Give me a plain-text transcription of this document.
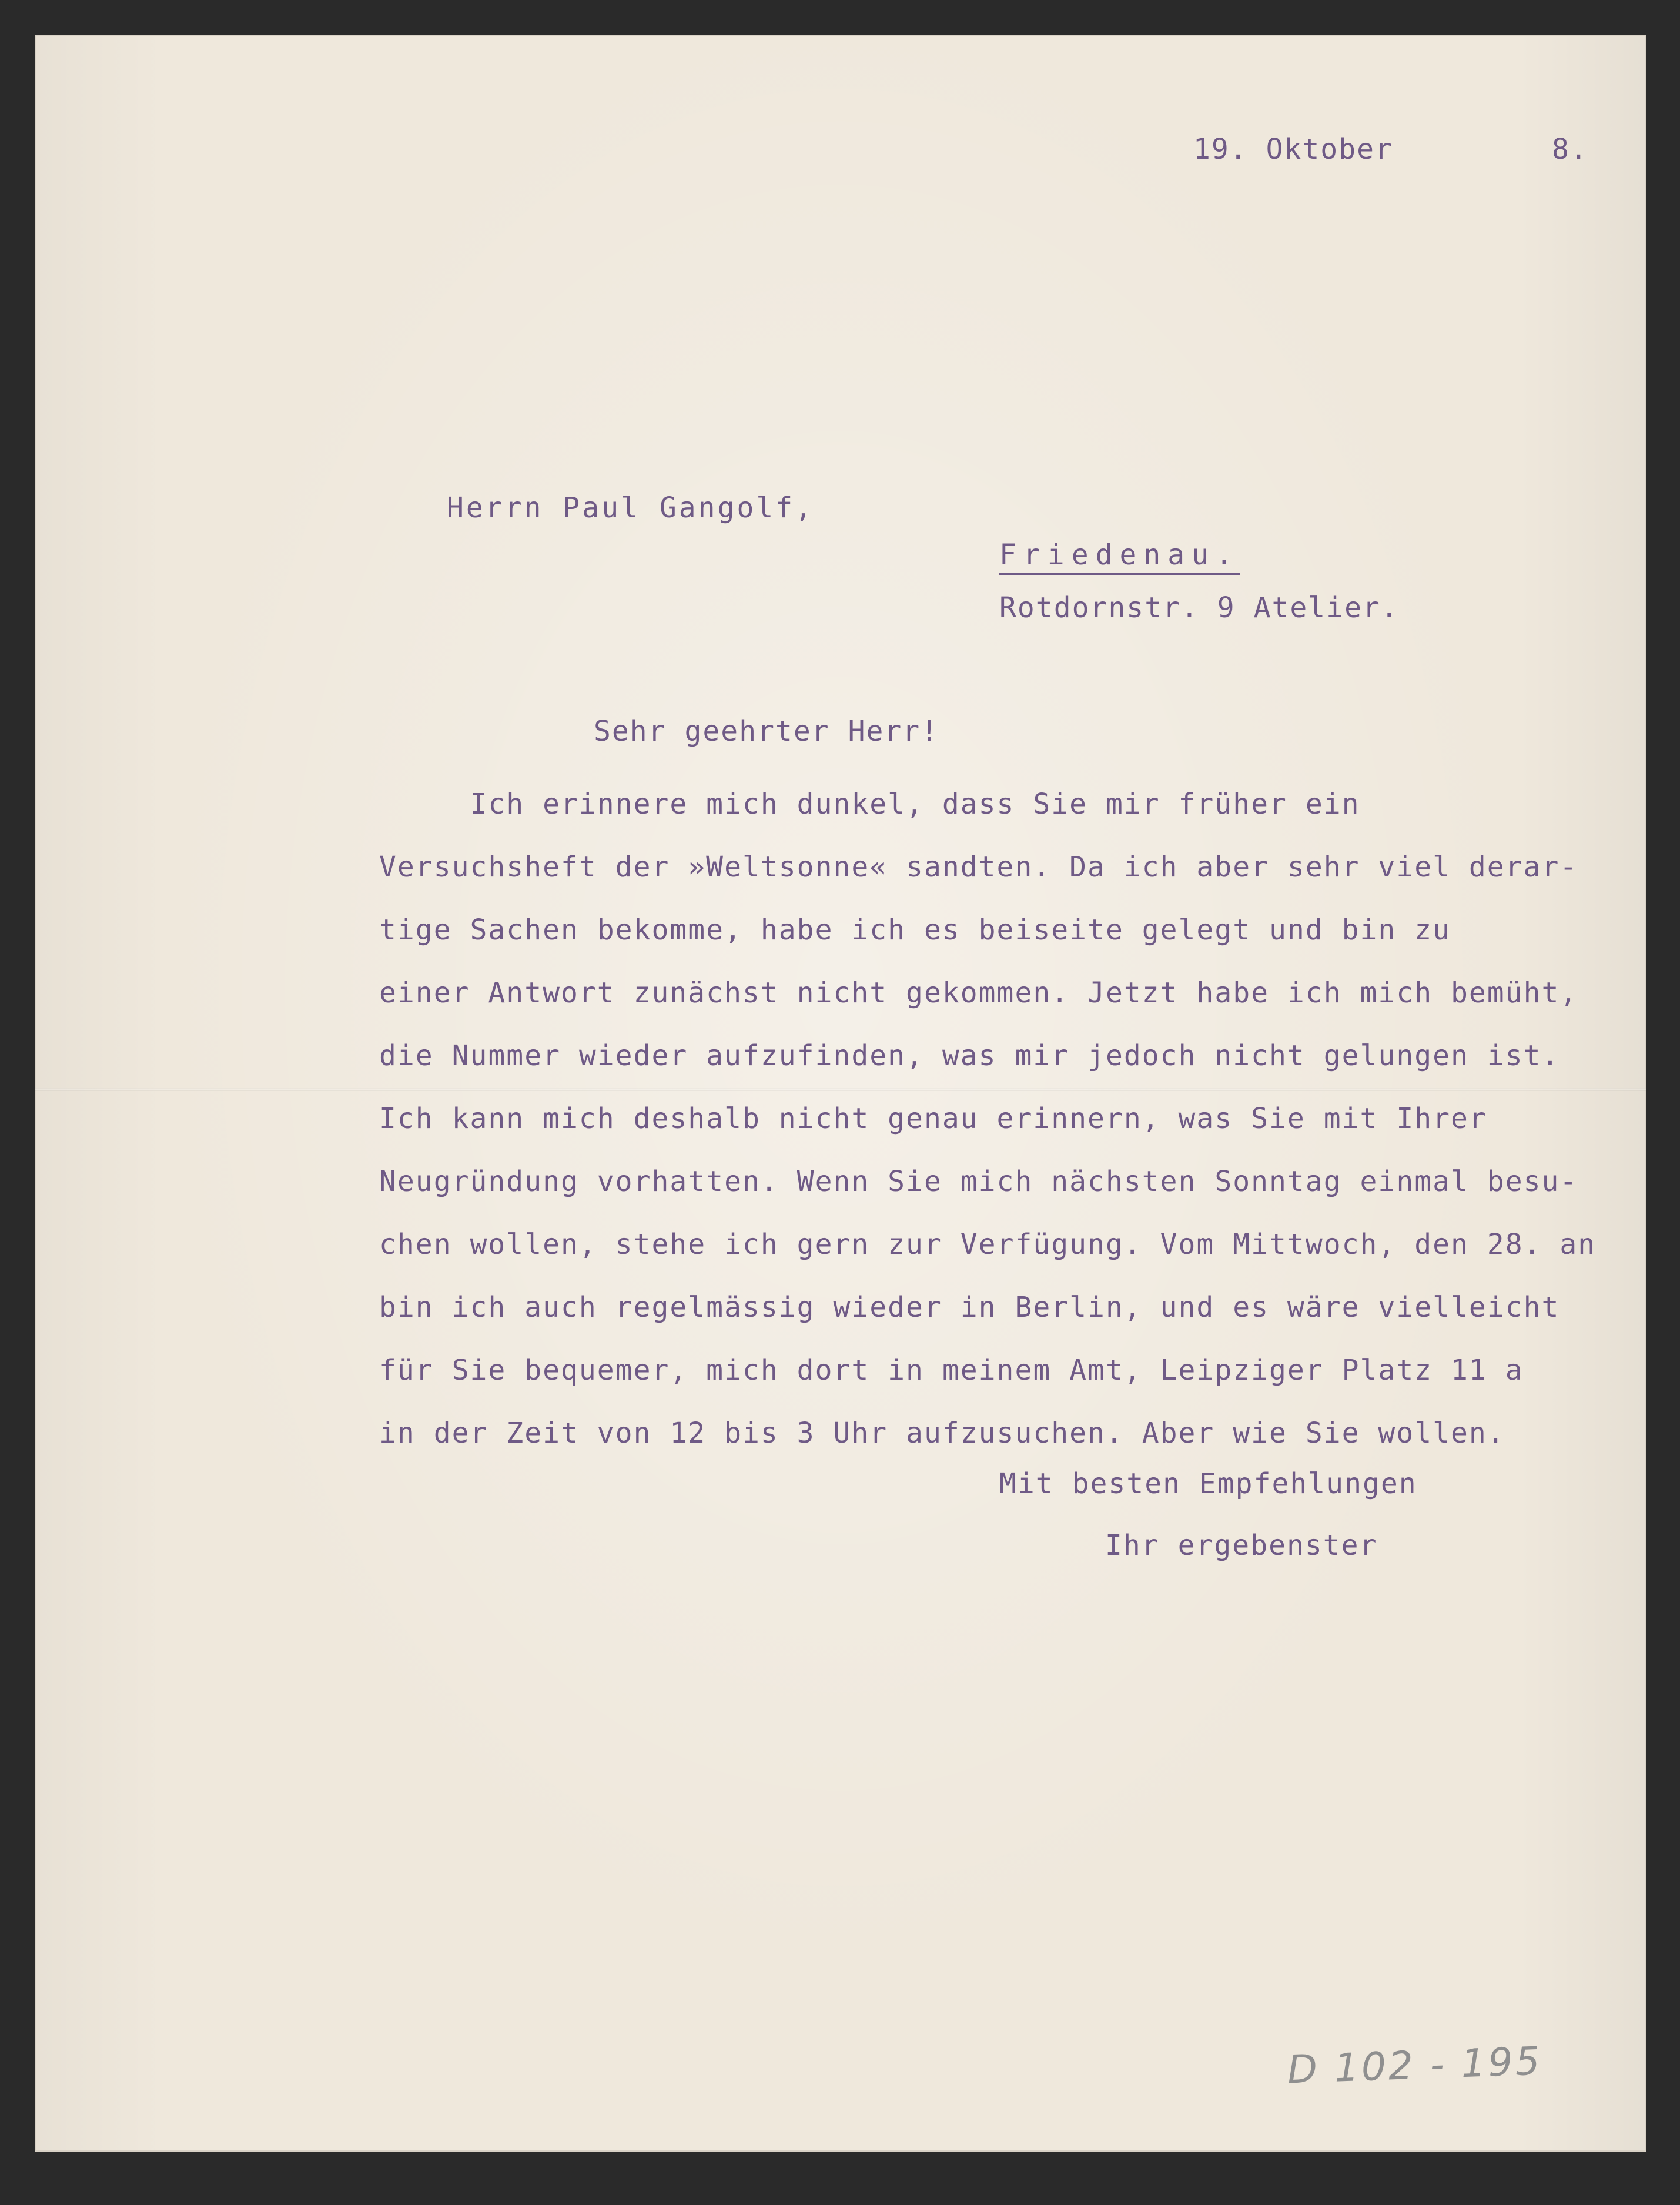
19. Oktober	8.
Herrn Paul Gangolf,
Friedenau.
Rotdornstr. 9 Atelier.
Sehr geehrter Herr!
Ich erinnere mich dunkel, dass Sie mir früher ein
Versuchsheft der »Weltsonne« sandten. Da ich aber sehr viel derar-
tige Sachen bekomme, habe ich es beiseite gelegt und bin zu
einer Antwort zunächst nicht gekommen. Jetzt habe ich mich bemüht,
die Nummer wieder aufzufinden, was mir jedoch nicht gelungen ist.
Ich kann mich deshalb nicht genau erinnern, was Sie mit Ihrer
Neugründung vorhatten. Wenn Sie mich nächsten Sonntag einmal besu-
chen wollen, stehe ich gern zur Verfügung. Vom Mittwoch, den 28. an
bin ich auch regelmässig wieder in Berlin, und es wäre vielleicht
für Sie bequemer, mich dort in meinem Amt, Leipziger Platz 11 a
in der Zeit von 12 bis 3 Uhr aufzusuchen. Aber wie Sie wollen.
Mit besten Empfehlungen
Ihr ergebenster
D 102 - 195
